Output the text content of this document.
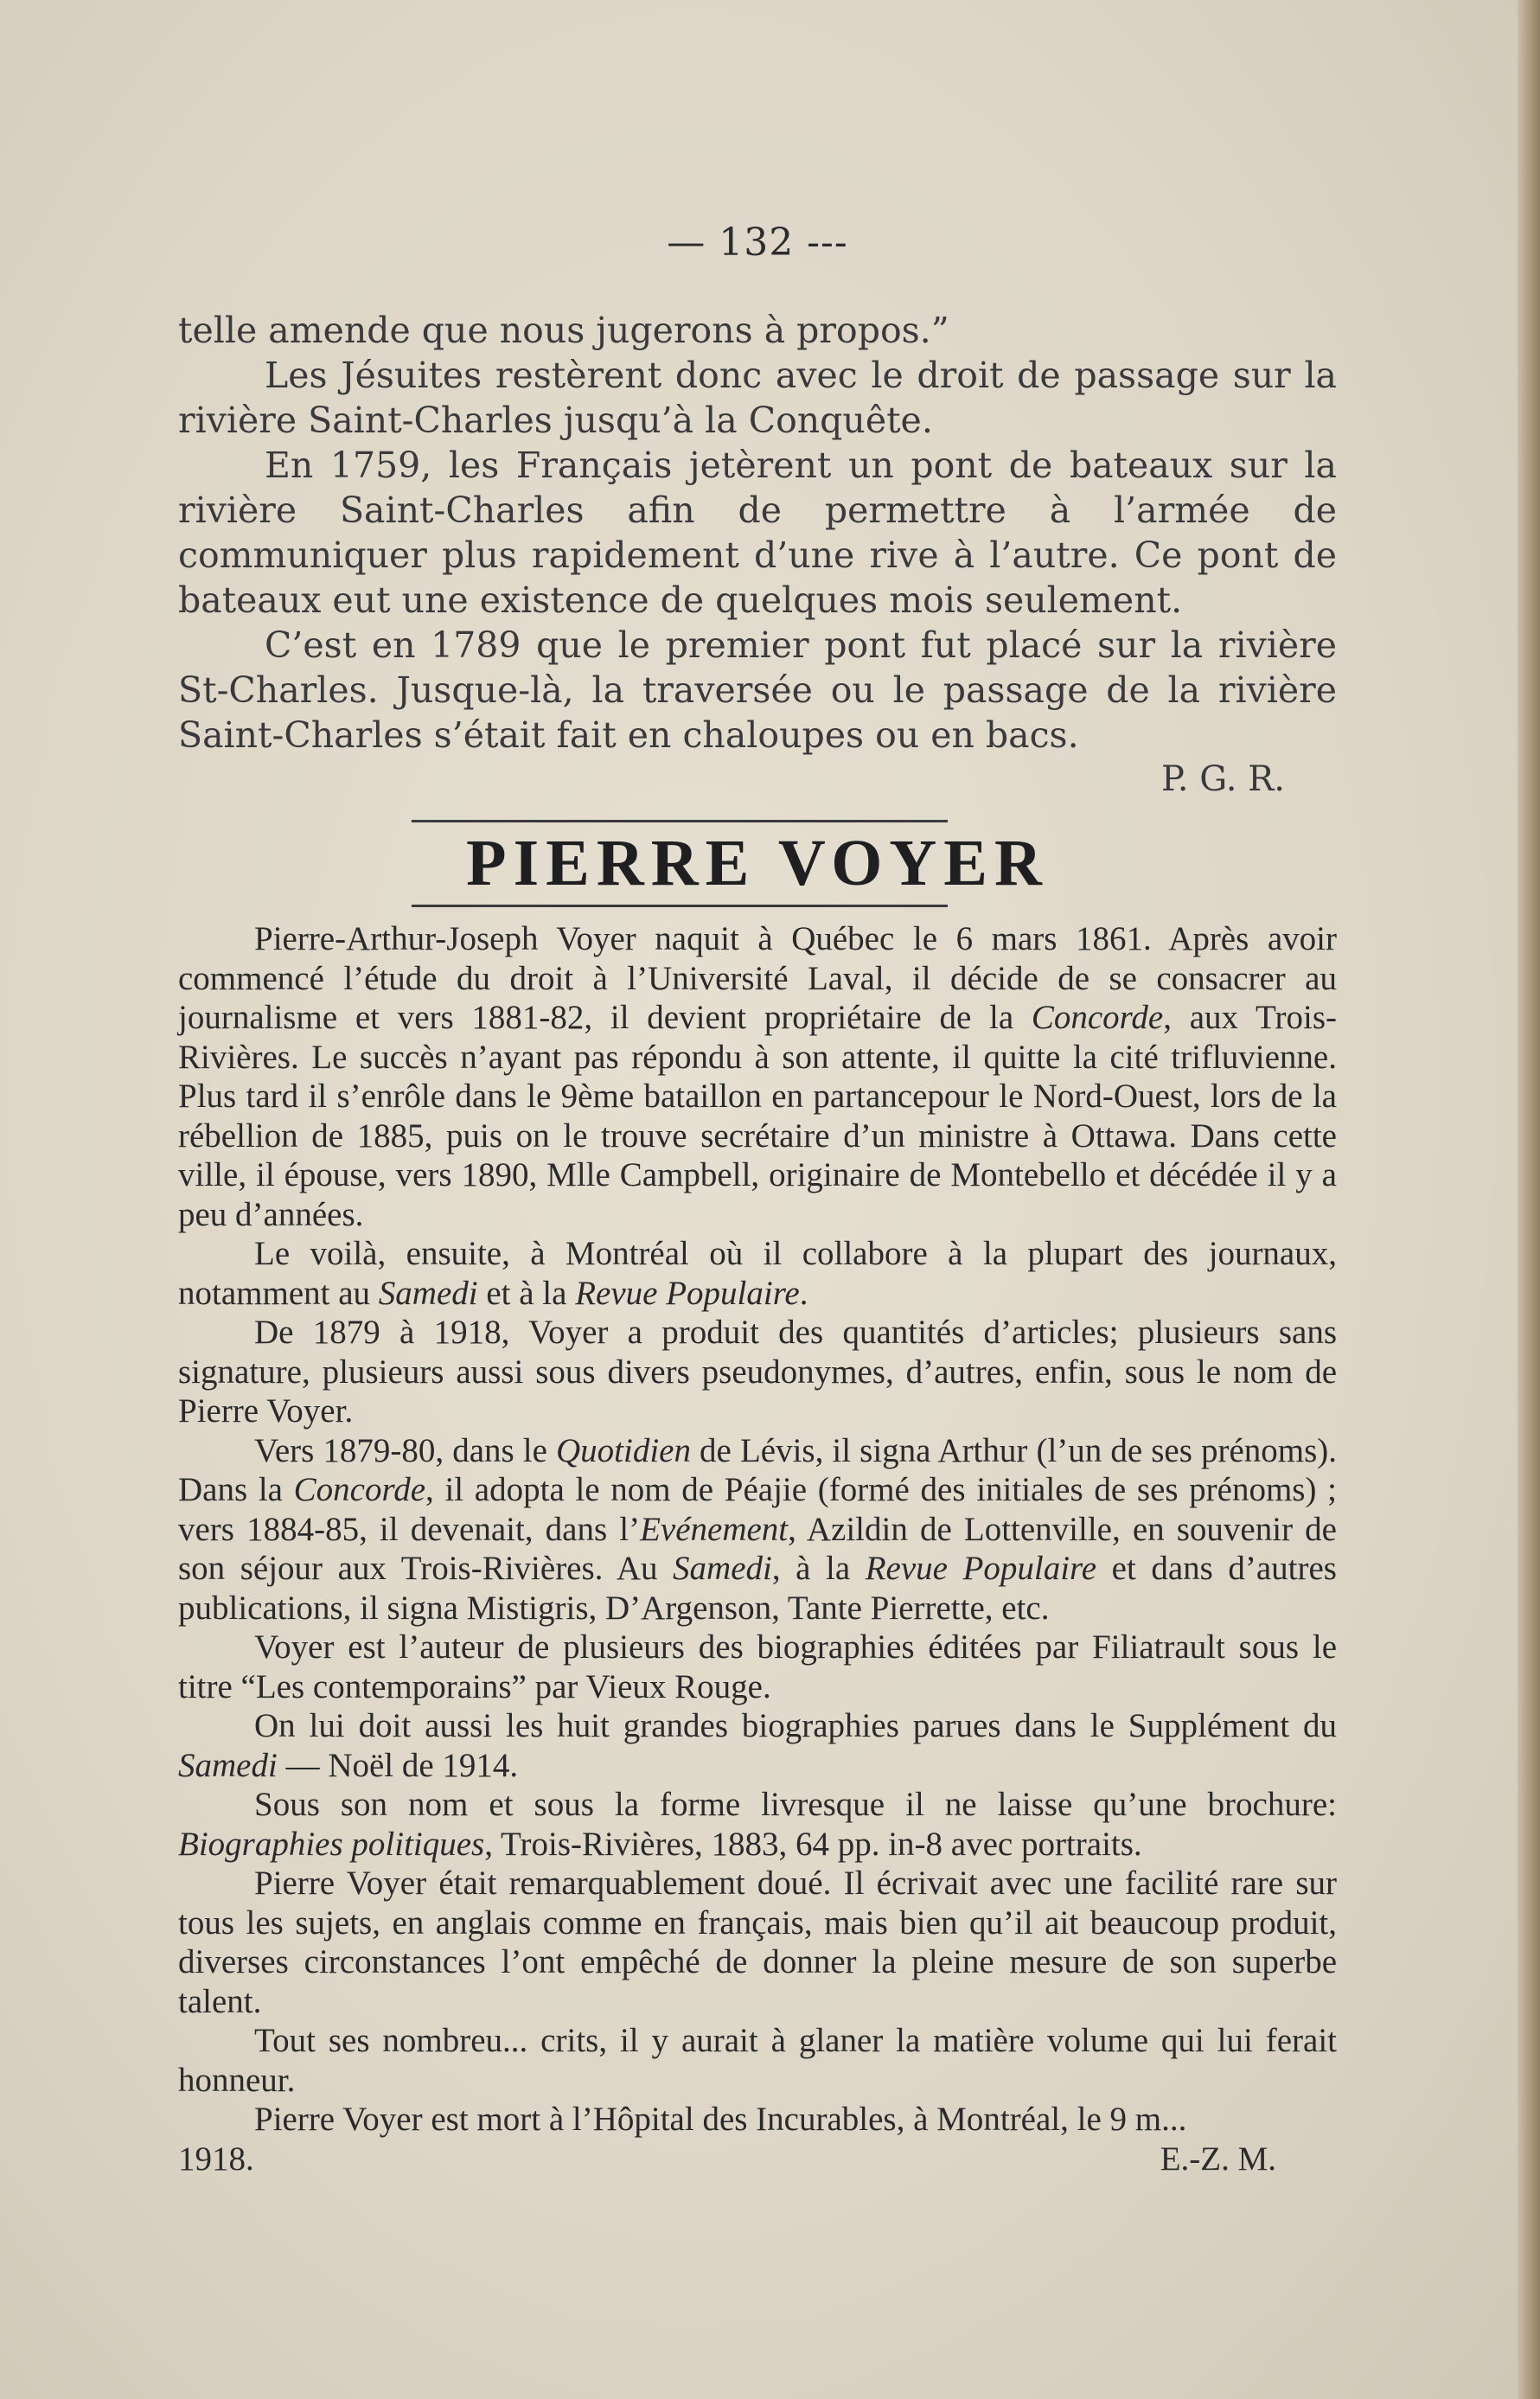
— 132 ---

telle amende que nous jugerons à propos.”

Les Jésuites restèrent donc avec le droit de passage sur la rivière Saint-Charles jusqu’à la Conquête.

En 1759, les Français jetèrent un pont de bateaux sur la rivière Saint-Charles afin de permettre à l’armée de communiquer plus rapidement d’une rive à l’autre. Ce pont de bateaux eut une existence de quelques mois seulement.

C’est en 1789 que le premier pont fut placé sur la rivière St-Charles. Jusque-là, la traversée ou le passage de la rivière Saint-Charles s’était fait en chaloupes ou en bacs.

P. G. R.
PIERRE VOYER

Pierre-Arthur-Joseph Voyer naquit à Québec le 6 mars 1861. Après avoir commencé l’étude du droit à l’Université Laval, il décide de se consacrer au journalisme et vers 1881-82, il devient propriétaire de la Concorde, aux Trois-Rivières. Le succès n’ayant pas répondu à son attente, il quitte la cité trifluvienne. Plus tard il s’enrôle dans le 9ème bataillon en partancepour le Nord-Ouest, lors de la rébellion de 1885, puis on le trouve secrétaire d’un ministre à Ottawa. Dans cette ville, il épouse, vers 1890, Mlle Campbell, originaire de Montebello et décédée il y a peu d’années.

Le voilà, ensuite, à Montréal où il collabore à la plupart des journaux, notamment au Samedi et à la Revue Populaire.

De 1879 à 1918, Voyer a produit des quantités d’articles; plusieurs sans signature, plusieurs aussi sous divers pseudonymes, d’autres, enfin, sous le nom de Pierre Voyer.

Vers 1879-80, dans le Quotidien de Lévis, il signa Arthur (l’un de ses prénoms). Dans la Concorde, il adopta le nom de Péajie (formé des initiales de ses prénoms) ; vers 1884-85, il devenait, dans l’Evénement, Azildin de Lottenville, en souvenir de son séjour aux Trois-Rivières. Au Samedi, à la Revue Populaire et dans d’autres publications, il signa Mistigris, D’Argenson, Tante Pierrette, etc.

Voyer est l’auteur de plusieurs des biographies éditées par Filiatrault sous le titre “Les contemporains” par Vieux Rouge.

On lui doit aussi les huit grandes biographies parues dans le Supplément du Samedi — Noël de 1914.

Sous son nom et sous la forme livresque il ne laisse qu’une brochure: Biographies politiques, Trois-Rivières, 1883, 64 pp. in-8 avec portraits.

Pierre Voyer était remarquablement doué. Il écrivait avec une facilité rare sur tous les sujets, en anglais comme en français, mais bien qu’il ait beaucoup produit, diverses circonstances l’ont empêché de donner la pleine mesure de son superbe talent.

Tout ses nombreu... crits, il y aurait à glaner la matière volume qui lui ferait honneur.

Pierre Voyer est mort à l’Hôpital des Incurables, à Montréal, le 9 m...

1918.	E.-Z. M.
